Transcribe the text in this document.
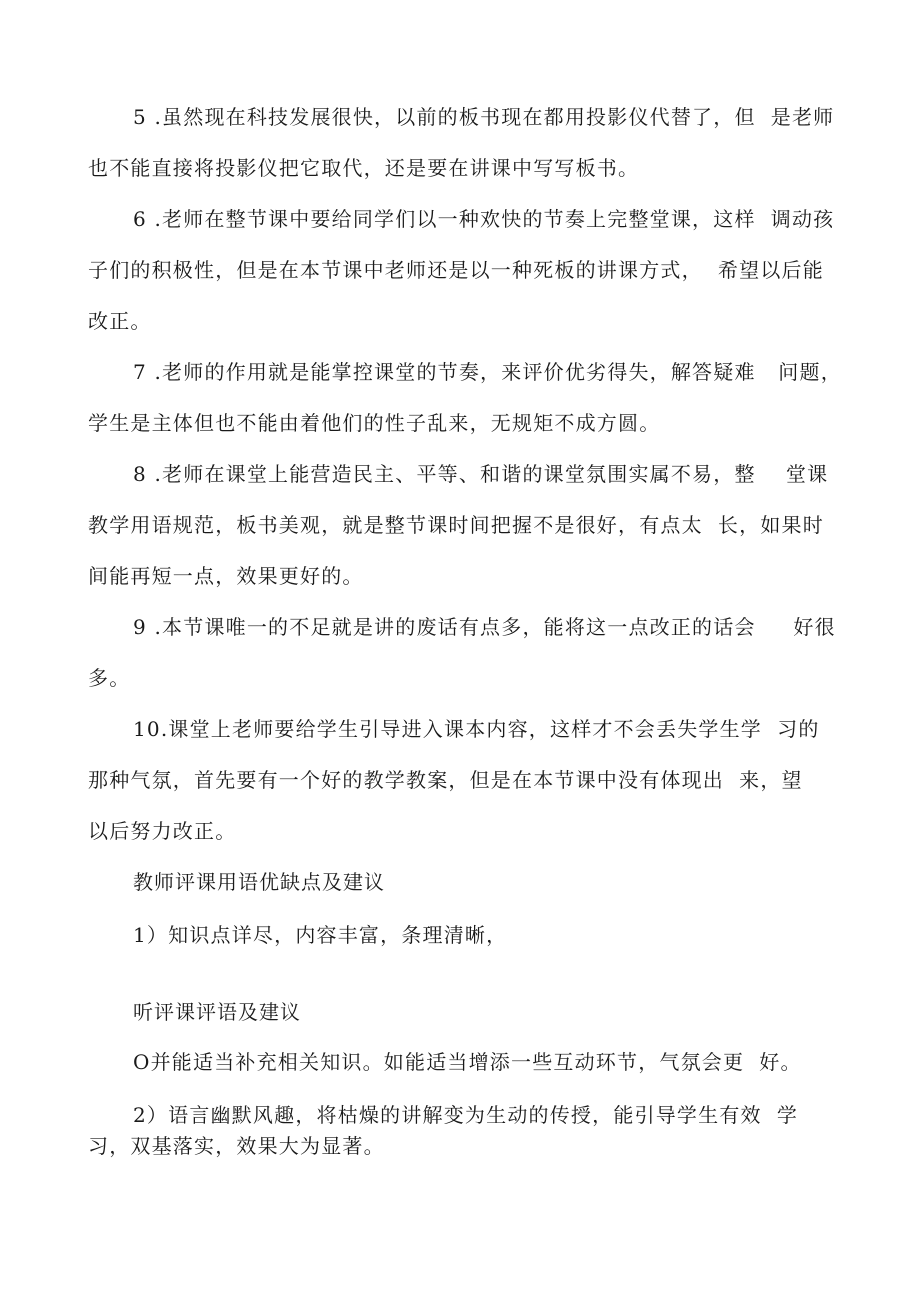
5 .虽然现在科技发展很快，以前的板书现在都用投影仪代替了，但  是老师

也不能直接将投影仪把它取代，还是要在讲课中写写板书。

6 .老师在整节课中要给同学们以一种欢快的节奏上完整堂课，这样  调动孩

子们的积极性，但是在本节课中老师还是以一种死板的讲课方式，  希望以后能

改正。

7 .老师的作用就是能掌控课堂的节奏，来评价优劣得失，解答疑难   问题，

学生是主体但也不能由着他们的性子乱来，无规矩不成方圆。

8 .老师在课堂上能营造民主、平等、和谐的课堂氛围实属不易，整    堂课

教学用语规范，板书美观，就是整节课时间把握不是很好，有点太  长，如果时

间能再短一点，效果更好的。

9 .本节课唯一的不足就是讲的废话有点多，能将这一点改正的话会     好很

多。

10.课堂上老师要给学生引导进入课本内容，这样才不会丢失学生学  习的

那种气氛，首先要有一个好的教学教案，但是在本节课中没有体现出  来，望

以后努力改正。

教师评课用语优缺点及建议

1）知识点详尽，内容丰富，条理清晰，

听评课评语及建议

O并能适当补充相关知识。如能适当增添一些互动环节，气氛会更  好。

2）语言幽默风趣，将枯燥的讲解变为生动的传授，能引导学生有效  学

习，双基落实，效果大为显著。
